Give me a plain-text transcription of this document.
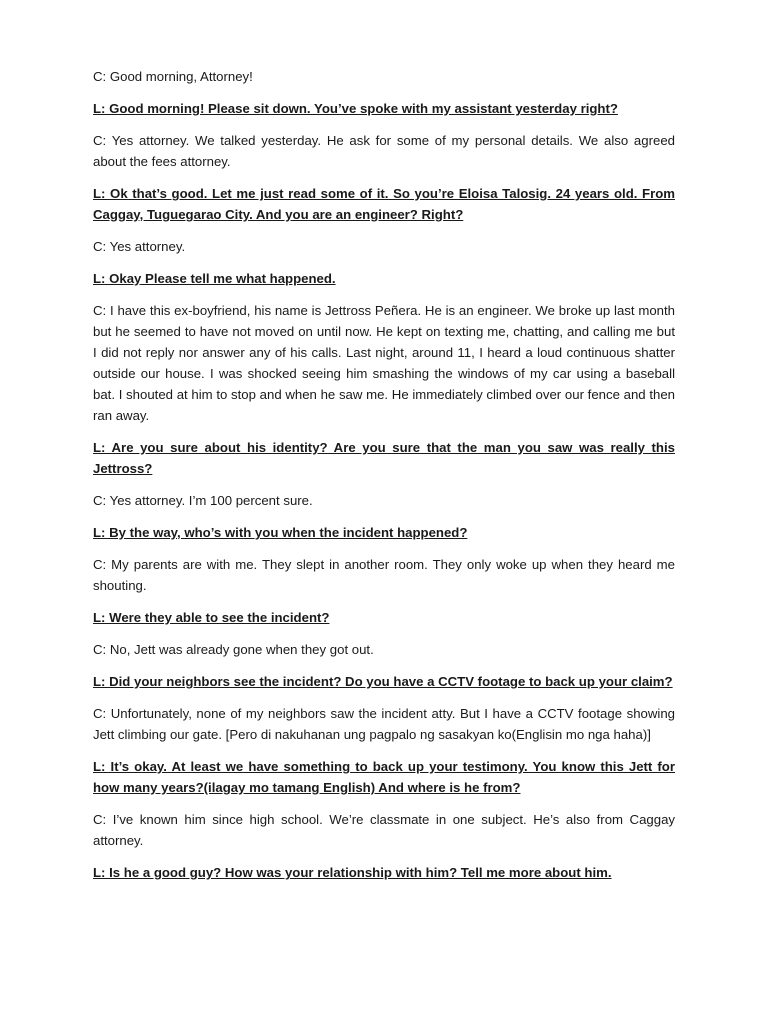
C: Good morning, Attorney!

L: Good morning! Please sit down. You’ve spoke with my assistant yesterday right?

C: Yes attorney. We talked yesterday. He ask for some of my personal details. We also agreed about the fees attorney.

L: Ok that’s good. Let me just read some of it. So you’re Eloisa Talosig. 24 years old. From Caggay, Tuguegarao City. And you are an engineer? Right?

C: Yes attorney.

L: Okay Please tell me what happened.

C: I have this ex-boyfriend, his name is Jettross Peñera. He is an engineer. We broke up last month but he seemed to have not moved on until now. He kept on texting me, chatting, and calling me but I did not reply nor answer any of his calls. Last night, around 11, I heard a loud continuous shatter outside our house. I was shocked seeing him smashing the windows of my car using a baseball bat. I shouted at him to stop and when he saw me. He immediately climbed over our fence and then ran away.

L: Are you sure about his identity? Are you sure that the man you saw was really this Jettross?

C: Yes attorney. I’m 100 percent sure.

L: By the way, who’s with you when the incident happened?

C: My parents are with me. They slept in another room. They only woke up when they heard me shouting.

L: Were they able to see the incident?

C: No, Jett was already gone when they got out.

L: Did your neighbors see the incident? Do you have a CCTV footage to back up your claim?

C: Unfortunately, none of my neighbors saw the incident atty. But I have a CCTV footage showing Jett climbing our gate. [Pero di nakuhanan ung pagpalo ng sasakyan ko(Englisin mo nga haha)]

L: It’s okay. At least we have something to back up your testimony. You know this Jett for how many years?(ilagay mo tamang English) And where is he from?

C: I’ve known him since high school. We’re classmate in one subject. He’s also from Caggay attorney.

L: Is he a good guy? How was your relationship with him? Tell me more about him.
